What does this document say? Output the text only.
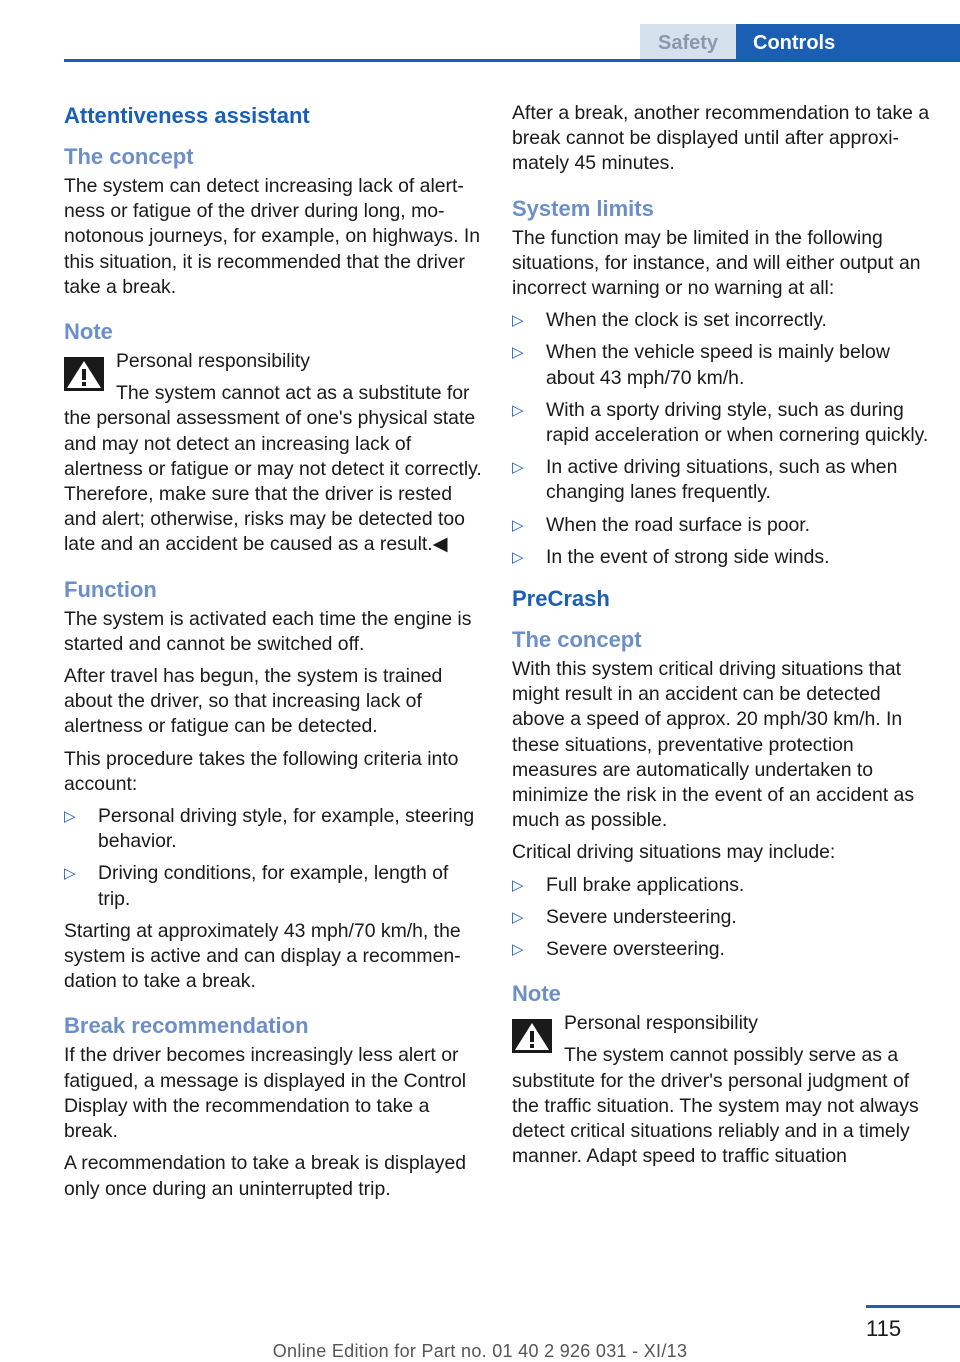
Safety	Controls
Attentiveness assistant
The concept

The system can detect increasing lack of alertness or fatigue of the driver during long, monotonous journeys, for example, on highways. In this situation, it is recommended that the driver take a break.

Note

Personal responsibility

The system cannot act as a substitute for the personal assessment of one's physical state and may not detect an increasing lack of alertness or fatigue or may not detect it correctly. Therefore, make sure that the driver is rested and alert; otherwise, risks may be detected too late and an accident be caused as a result.◀

Function

The system is activated each time the engine is started and cannot be switched off.

After travel has begun, the system is trained about the driver, so that increasing lack of alertness or fatigue can be detected.

This procedure takes the following criteria into account:

▷ Personal driving style, for example, steering behavior.
▷ Driving conditions, for example, length of trip.

Starting at approximately 43 mph/70 km/h, the system is active and can display a recommendation to take a break.

Break recommendation

If the driver becomes increasingly less alert or fatigued, a message is displayed in the Control Display with the recommendation to take a break.

A recommendation to take a break is displayed only once during an uninterrupted trip.

After a break, another recommendation to take a break cannot be displayed until after approximately 45 minutes.

System limits

The function may be limited in the following situations, for instance, and will either output an incorrect warning or no warning at all:

▷ When the clock is set incorrectly.
▷ When the vehicle speed is mainly below about 43 mph/70 km/h.
▷ With a sporty driving style, such as during rapid acceleration or when cornering quickly.
▷ In active driving situations, such as when changing lanes frequently.
▷ When the road surface is poor.
▷ In the event of strong side winds.
PreCrash
The concept

With this system critical driving situations that might result in an accident can be detected above a speed of approx. 20 mph/30 km/h. In these situations, preventative protection measures are automatically undertaken to minimize the risk in the event of an accident as much as possible.

Critical driving situations may include:

▷ Full brake applications.
▷ Severe understeering.
▷ Severe oversteering.
Note

Personal responsibility

The system cannot possibly serve as a substitute for the driver's personal judgment of the traffic situation. The system may not always detect critical situations reliably and in a timely manner. Adapt speed to traffic situation

115
Online Edition for Part no. 01 40 2 926 031 - XI/13
